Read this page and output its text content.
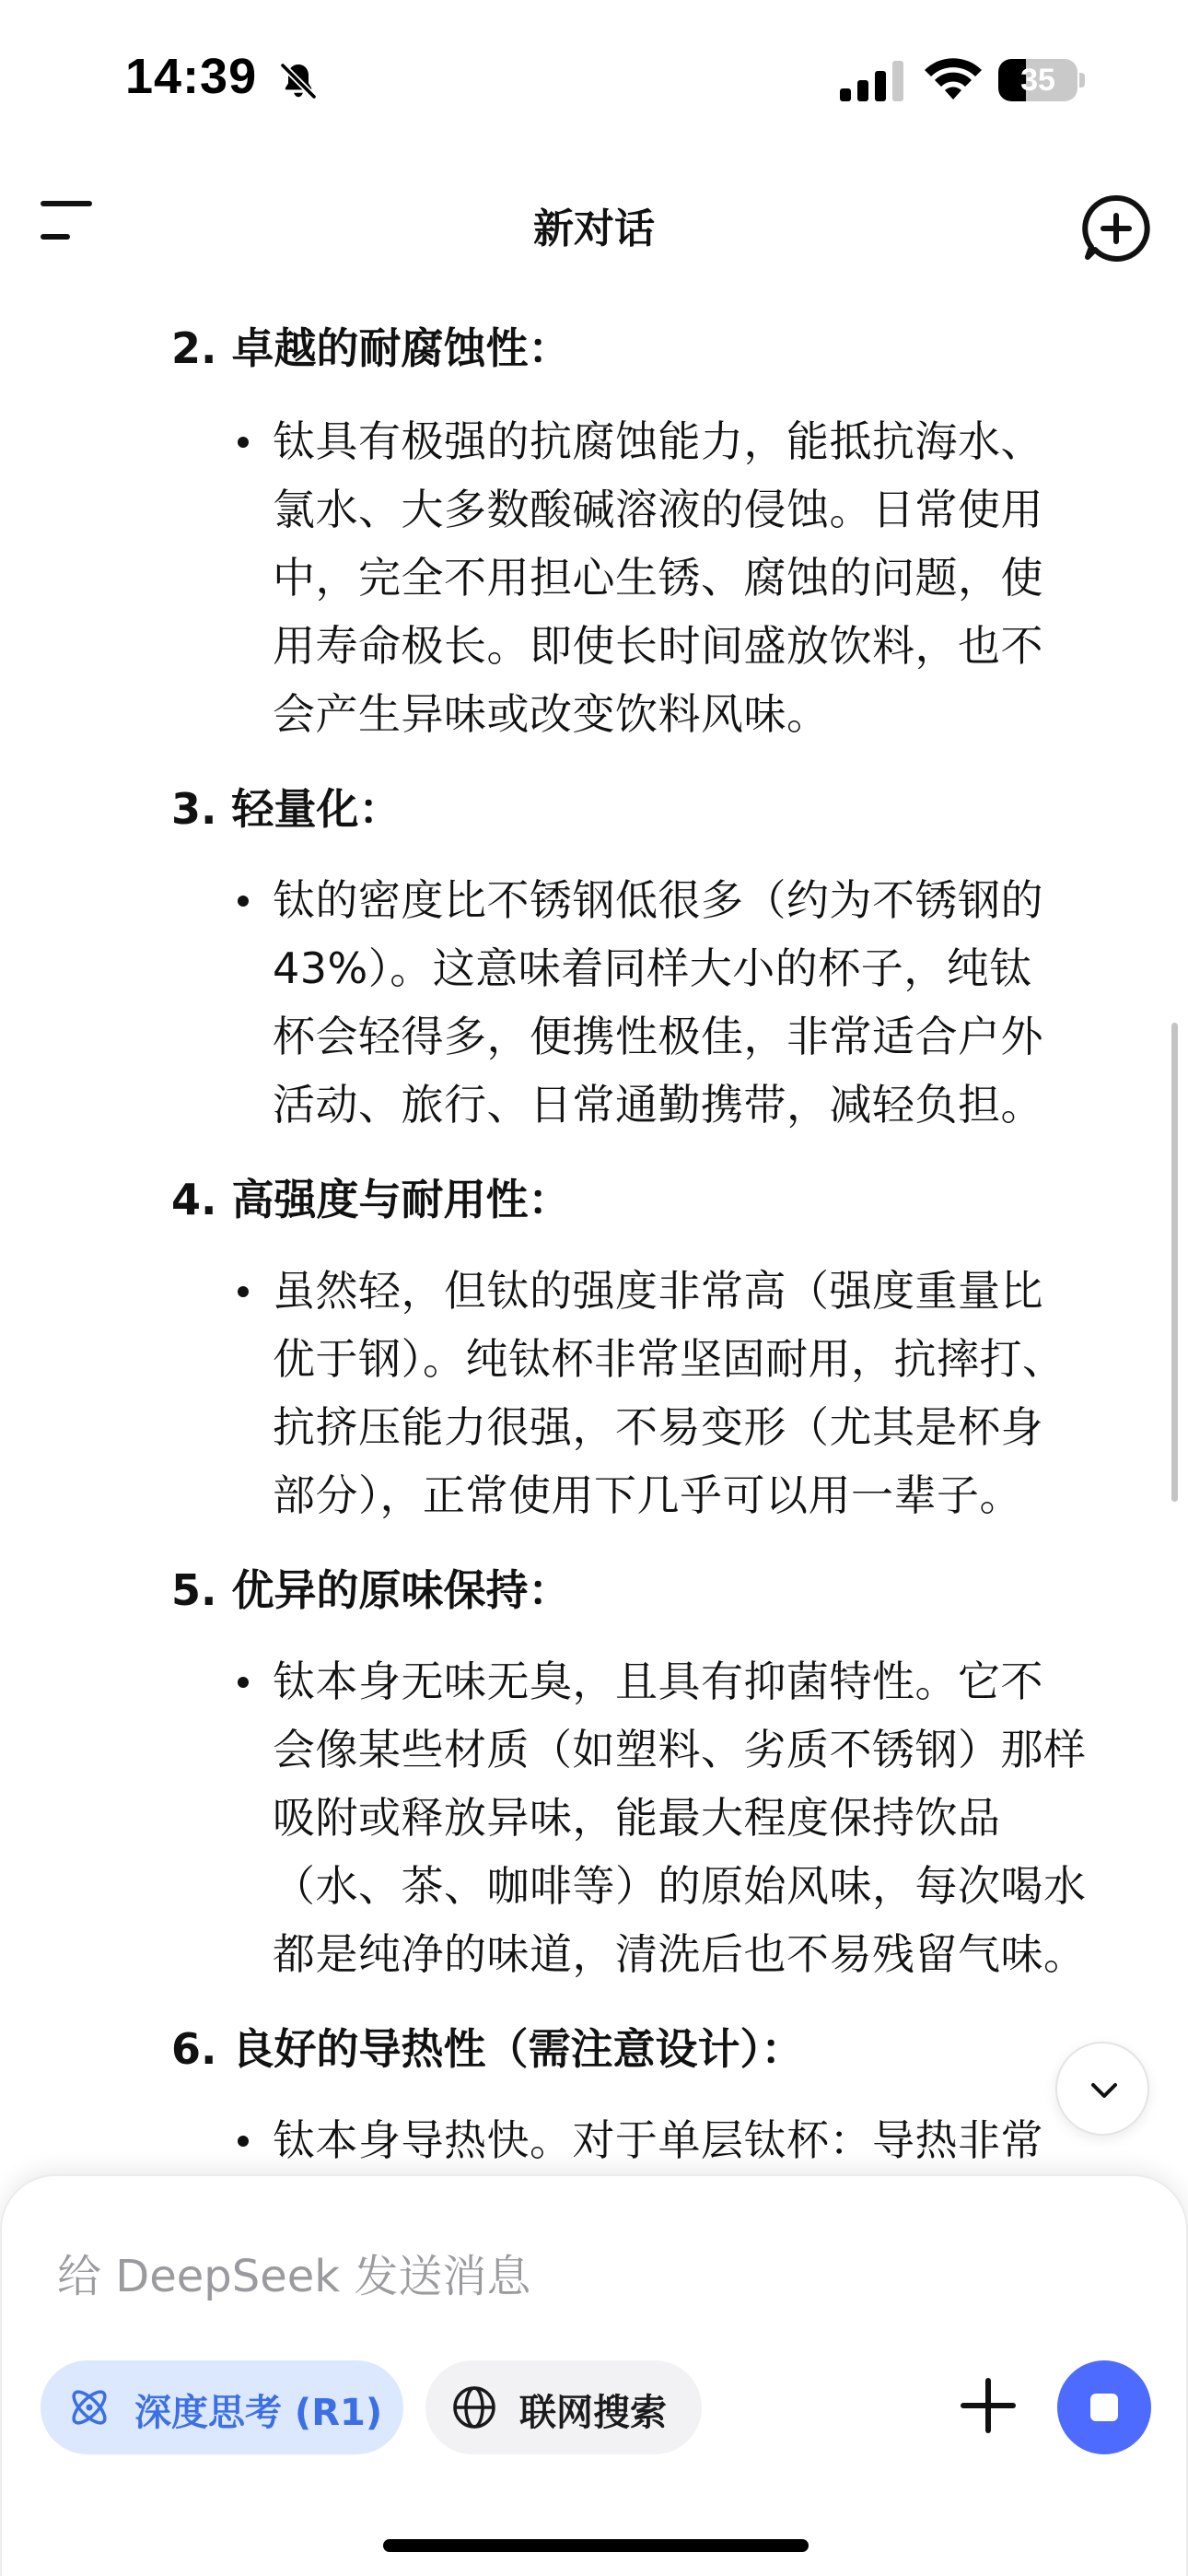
14:39	35
新对话
2. 卓越的耐腐蚀性：
钛具有极强的抗腐蚀能力，能抵抗海水、
氯水、大多数酸碱溶液的侵蚀。日常使用
中，完全不用担心生锈、腐蚀的问题，使
用寿命极长。即使长时间盛放饮料，也不
会产生异味或改变饮料风味。
3. 轻量化：
钛的密度比不锈钢低很多（约为不锈钢的
43%）。这意味着同样大小的杯子，纯钛
杯会轻得多，便携性极佳，非常适合户外
活动、旅行、日常通勤携带，减轻负担。
4. 高强度与耐用性：
虽然轻，但钛的强度非常高（强度重量比
优于钢）。纯钛杯非常坚固耐用，抗摔打、
抗挤压能力很强，不易变形（尤其是杯身
部分），正常使用下几乎可以用一辈子。
5. 优异的原味保持：
钛本身无味无臭，且具有抑菌特性。它不
会像某些材质（如塑料、劣质不锈钢）那样
吸附或释放异味，能最大程度保持饮品
（水、茶、咖啡等）的原始风味，每次喝水
都是纯净的味道，清洗后也不易残留气味。
6. 良好的导热性（需注意设计）：
钛本身导热快。对于单层钛杯：导热非常
给 DeepSeek 发送消息
深度思考 (R1)	联网搜索
